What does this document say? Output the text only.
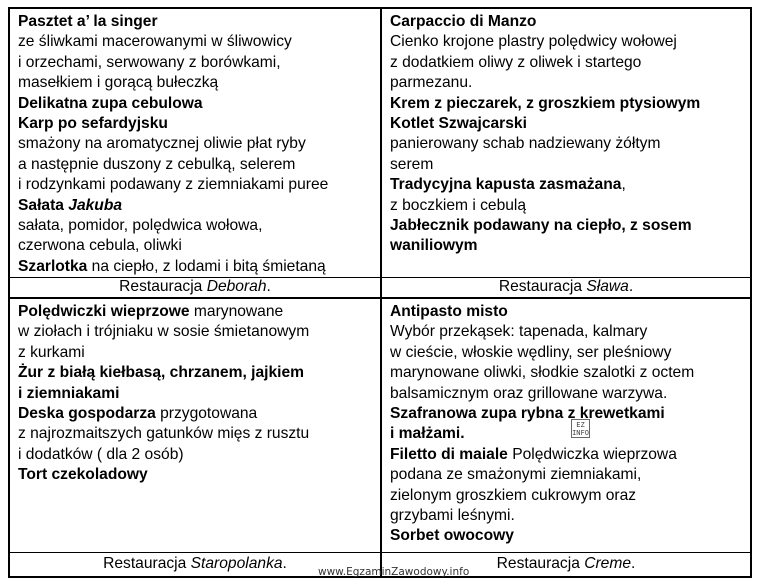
Pasztet a’ la singer
ze śliwkami macerowanymi w śliwowicy
i orzechami, serwowany z borówkami,
masełkiem i gorącą bułeczką
Delikatna zupa cebulowa
Karp po sefardyjsku
smażony na aromatycznej oliwie płat ryby
a następnie duszony z cebulką, selerem
i rodzynkami podawany z ziemniakami puree
Sałata Jakuba
sałata, pomidor, polędwica wołowa,
czerwona cebula, oliwki
Szarlotka na ciepło, z lodami i bitą śmietaną
Carpaccio di Manzo
Cienko krojone plastry polędwicy wołowej
z dodatkiem oliwy z oliwek i startego
parmezanu.
Krem z pieczarek, z groszkiem ptysiowym
Kotlet Szwajcarski
panierowany schab nadziewany żółtym
serem
Tradycyjna kapusta zasmażana,
z boczkiem i cebulą
Jabłecznik podawany na ciepło, z sosem
waniliowym
Restauracja Deborah.	Restauracja Sława.
Polędwiczki wieprzowe marynowane
w ziołach i trójniaku w sosie śmietanowym
z kurkami
Żur z białą kiełbasą, chrzanem, jajkiem
i ziemniakami
Deska gospodarza przygotowana
z najrozmaitszych gatunków mięs z rusztu
i dodatków ( dla 2 osób)
Tort czekoladowy
Antipasto misto
Wybór przekąsek: tapenada, kalmary
w cieście, włoskie wędliny, ser pleśniowy
marynowane oliwki, słodkie szalotki z octem
balsamicznym oraz grillowane warzywa.
Szafranowa zupa rybna z krewetkami
i małżami.
Filetto di maiale Polędwiczka wieprzowa
podana ze smażonymi ziemniakami,
zielonym groszkiem cukrowym oraz
grzybami leśnymi.
Sorbet owocowy
Restauracja Staropolanka.	Restauracja Creme.
EZ INFO
www.EgzaminZawodowy.info
